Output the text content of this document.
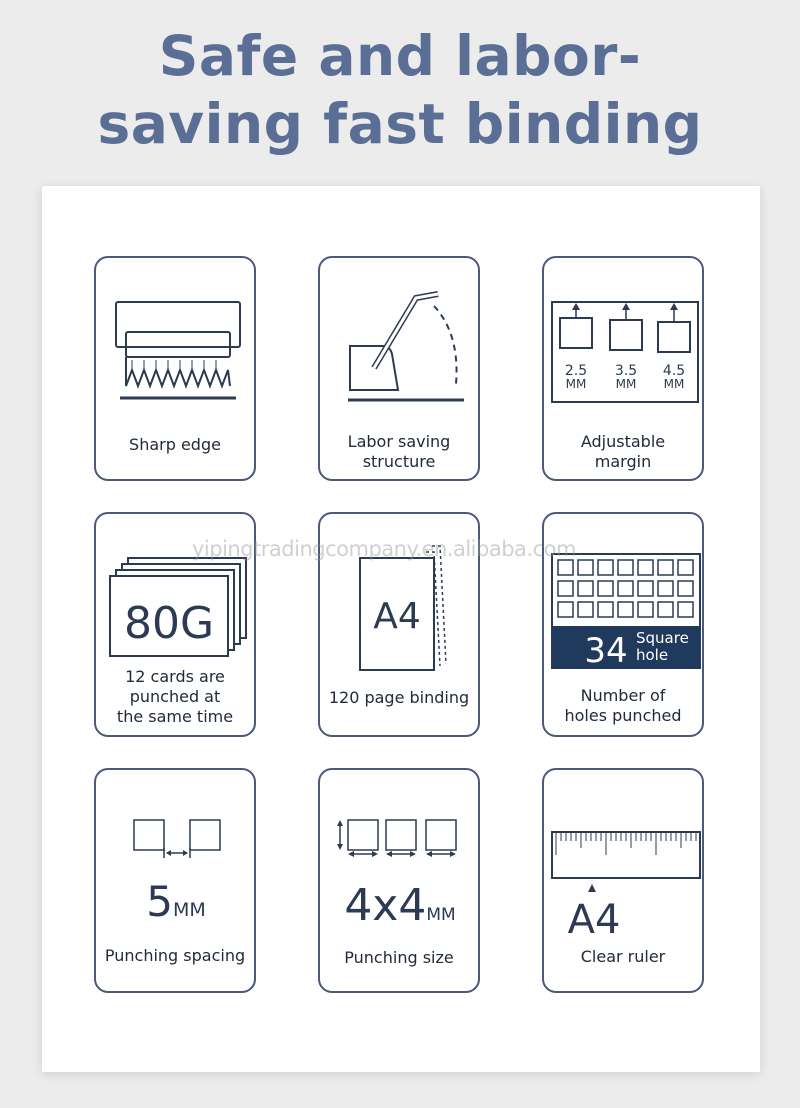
Safe and labor-
saving fast binding
Sharp edge	Labor saving
structure
2.5
MM
3.5
MM
4.5
MM
Adjustable
margin
80G
12 cards are
punched at
the same time
A4
120 page binding
34 Square
hole
Number of
holes punched
5MM
Punching spacing
4x4MM
Punching size
A4
Clear ruler
yipingtradingcompany.en.alibaba.com
